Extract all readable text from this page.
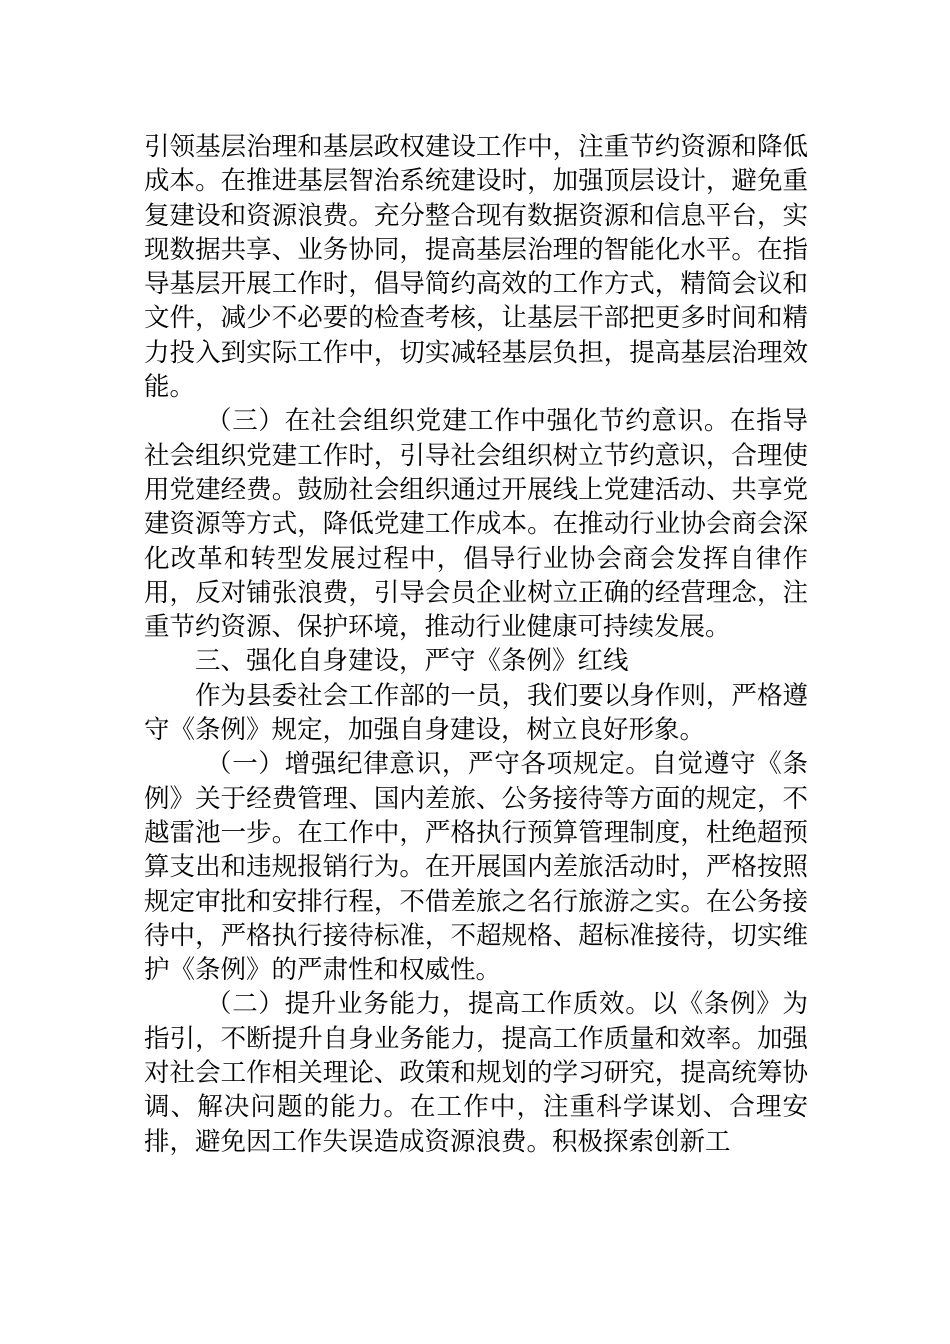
引领基层治理和基层政权建设工作中，注重节约资源和降低成本。在推进基层智治系统建设时，加强顶层设计，避免重复建设和资源浪费。充分整合现有数据资源和信息平台，实现数据共享、业务协同，提高基层治理的智能化水平。在指导基层开展工作时，倡导简约高效的工作方式，精简会议和文件，减少不必要的检查考核，让基层干部把更多时间和精力投入到实际工作中，切实减轻基层负担，提高基层治理效能。

（三）在社会组织党建工作中强化节约意识。在指导社会组织党建工作时，引导社会组织树立节约意识，合理使用党建经费。鼓励社会组织通过开展线上党建活动、共享党建资源等方式，降低党建工作成本。在推动行业协会商会深化改革和转型发展过程中，倡导行业协会商会发挥自律作用，反对铺张浪费，引导会员企业树立正确的经营理念，注重节约资源、保护环境，推动行业健康可持续发展。

三、强化自身建设，严守《条例》红线

作为县委社会工作部的一员，我们要以身作则，严格遵守《条例》规定，加强自身建设，树立良好形象。

（一）增强纪律意识，严守各项规定。自觉遵守《条例》关于经费管理、国内差旅、公务接待等方面的规定，不越雷池一步。在工作中，严格执行预算管理制度，杜绝超预算支出和违规报销行为。在开展国内差旅活动时，严格按照规定审批和安排行程，不借差旅之名行旅游之实。在公务接待中，严格执行接待标准，不超规格、超标准接待，切实维护《条例》的严肃性和权威性。

（二）提升业务能力，提高工作质效。以《条例》为指引，不断提升自身业务能力，提高工作质量和效率。加强对社会工作相关理论、政策和规划的学习研究，提高统筹协调、解决问题的能力。在工作中，注重科学谋划、合理安排，避免因工作失误造成资源浪费。积极探索创新工
